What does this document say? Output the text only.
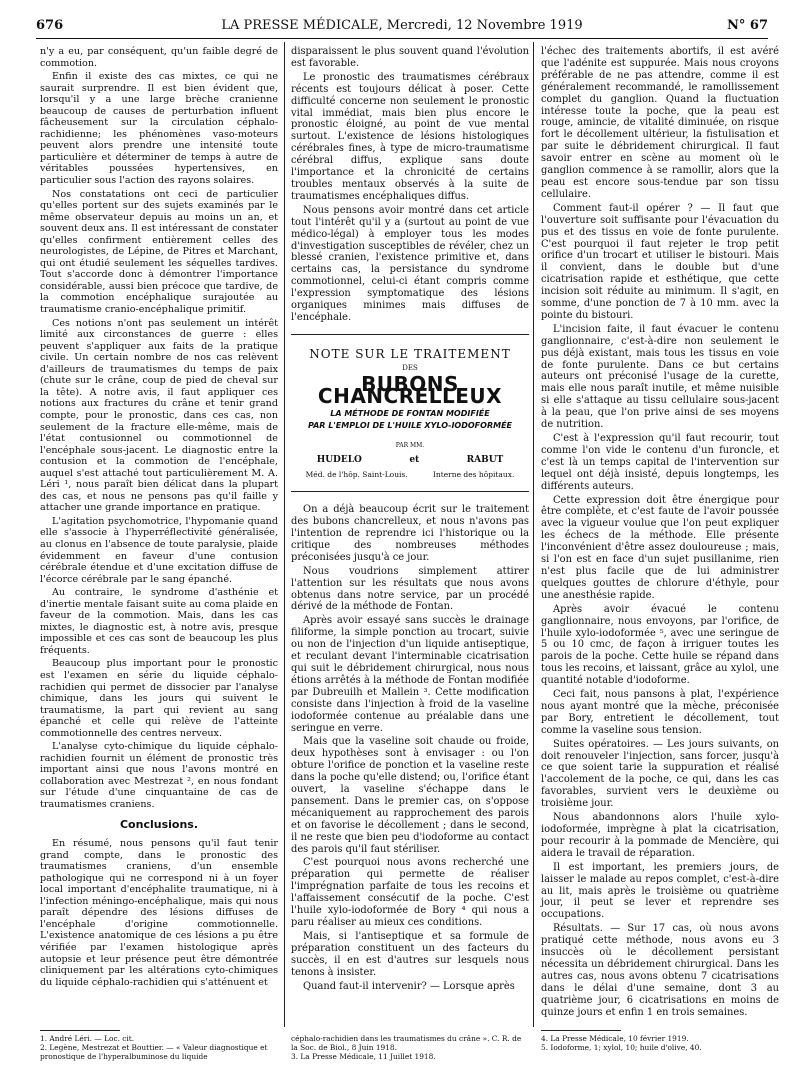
676	LA PRESSE MÉDICALE, Mercredi, 12 Novembre 1919	N° 67

n'y a eu, par conséquent, qu'un faible degré de commotion.

Enfin il existe des cas mixtes, ce qui ne saurait surprendre. Il est bien évident que, lorsqu'il y a une large brèche cranienne beaucoup de causes de perturbation influent fâcheusement sur la circulation céphalo-rachidienne; les phénomènes vaso-moteurs peuvent alors prendre une intensité toute particulière et déterminer de temps à autre de véritables poussées hypertensives, en particulier sous l'action des rayons solaires.

Nos constatations ont ceci de particulier qu'elles portent sur des sujets examinés par le même observateur depuis au moins un an, et souvent deux ans. Il est intéressant de constater qu'elles confirment entièrement celles des neurologistes, de Lépine, de Pitres et Marchant, qui ont étudié seulement les séquelles tardives. Tout s'accorde donc à démontrer l'importance considérable, aussi bien précoce que tardive, de la commotion encéphalique surajoutée au traumatisme cranio-encéphalique primitif.

Ces notions n'ont pas seulement un intérêt limité aux circonstances de guerre : elles peuvent s'appliquer aux faits de la pratique civile. Un certain nombre de nos cas relèvent d'ailleurs de traumatismes du temps de paix (chute sur le crâne, coup de pied de cheval sur la tête). A notre avis, il faut appliquer ces notions aux fractures du crâne et tenir grand compte, pour le pronostic, dans ces cas, non seulement de la fracture elle-même, mais de l'état contusionnel ou commotionnel de l'encéphale sous-jacent. Le diagnostic entre la contusion et la commotion de l'encéphale, auquel s'est attaché tout particulièrement M. A. Léri ¹, nous paraît bien délicat dans la plupart des cas, et nous ne pensons pas qu'il faille y attacher une grande importance en pratique.

L'agitation psychomotrice, l'hypomanie quand elle s'associe à l'hyperréflectivité généralisée, au clonus en l'absence de toute paralysie, plaide évidemment en faveur d'une contusion cérébrale étendue et d'une excitation diffuse de l'écorce cérébrale par le sang épanché.

Au contraire, le syndrome d'asthénie et d'inertie mentale faisant suite au coma plaide en faveur de la commotion. Mais, dans les cas mixtes, le diagnostic est, à notre avis, presque impossible et ces cas sont de beaucoup les plus fréquents.

Beaucoup plus important pour le pronostic est l'examen en série du liquide céphalo-rachidien qui permet de dissocier par l'analyse chimique, dans les jours qui suivent le traumatisme, la part qui revient au sang épanché et celle qui relève de l'atteinte commotionnelle des centres nerveux.

L'analyse cyto-chimique du liquide céphalo-rachidien fournit un élément de pronostic très important ainsi que nous l'avons montré en collaboration avec Mestrezat ², en nous fondant sur l'étude d'une cinquantaine de cas de traumatismes craniens.

Conclusions.

En résumé, nous pensons qu'il faut tenir grand compte, dans le pronostic des traumatismes craniens, d'un ensemble pathologique qui ne correspond ni à un foyer local important d'encéphalite traumatique, ni à l'infection méningo-encéphalique, mais qui nous paraît dépendre des lésions diffuses de l'encéphale d'origine commotionnelle. L'existence anatomique de ces lésions a pu être vérifiée par l'examen histologique après autopsie et leur présence peut être démontrée cliniquement par les altérations cyto-chimiques du liquide céphalo-rachidien qui s'atténuent et

disparaissent le plus souvent quand l'évolution est favorable.

Le pronostic des traumatismes cérébraux récents est toujours délicat à poser. Cette difficulté concerne non seulement le pronostic vital immédiat, mais bien plus encore le pronostic éloigné, au point de vue mental surtout. L'existence de lésions histologiques cérébrales fines, à type de micro-traumatisme cérébral diffus, explique sans doute l'importance et la chronicité de certains troubles mentaux observés à la suite de traumatismes encéphaliques diffus.

Nous pensons avoir montré dans cet article tout l'intérêt qu'il y a (surtout au point de vue médico-légal) à employer tous les modes d'investigation susceptibles de révéler, chez un blessé cranien, l'existence primitive et, dans certains cas, la persistance du syndrome commotionnel, celui-ci étant compris comme l'expression symptomatique des lésions organiques minimes mais diffuses de l'encéphale.

NOTE SUR LE TRAITEMENT
DES
BUBONS CHANCRELLEUX
LA MÉTHODE DE FONTAN MODIFIÉE
PAR L'EMPLOI DE L'HUILE XYLO-IODOFORMÉE
PAR MM.
HUDELO	et	RABUT
Méd. de l'hôp. Saint-Louis.	Interne des hôpitaux.

On a déjà beaucoup écrit sur le traitement des bubons chancrelleux, et nous n'avons pas l'intention de reprendre ici l'historique ou la critique des nombreuses méthodes préconisées jusqu'à ce jour.

Nous voudrions simplement attirer l'attention sur les résultats que nous avons obtenus dans notre service, par un procédé dérivé de la méthode de Fontan.

Après avoir essayé sans succès le drainage filiforme, la simple ponction au trocart, suivie ou non de l'injection d'un liquide antiseptique, et reculant devant l'interminable cicatrisation qui suit le débridement chirurgical, nous nous étions arrêtés à la méthode de Fontan modifiée par Dubreuilh et Mallein ³. Cette modification consiste dans l'injection à froid de la vaseline iodoformée contenue au préalable dans une seringue en verre.

Mais que la vaseline soit chaude ou froide, deux hypothèses sont à envisager : ou l'on obture l'orifice de ponction et la vaseline reste dans la poche qu'elle distend; ou, l'orifice étant ouvert, la vaseline s'échappe dans le pansement. Dans le premier cas, on s'oppose mécaniquement au rapprochement des parois et on favorise le décollement ; dans le second, il ne reste que bien peu d'iodoforme au contact des parois qu'il faut stériliser.

C'est pourquoi nous avons recherché une préparation qui permette de réaliser l'imprégnation parfaite de tous les recoins et l'affaissement consécutif de la poche. C'est l'huile xylo-iodoformée de Bory ⁴ qui nous a paru réaliser au mieux ces conditions.

Mais, si l'antiseptique et sa formule de préparation constituent un des facteurs du succès, il en est d'autres sur lesquels nous tenons à insister.

Quand faut-il intervenir? — Lorsque après

l'échec des traitements abortifs, il est avéré que l'adénite est suppurée. Mais nous croyons préférable de ne pas attendre, comme il est généralement recommandé, le ramollissement complet du ganglion. Quand la fluctuation intéresse toute la poche, que la peau est rouge, amincie, de vitalité diminuée, on risque fort le décollement ultérieur, la fistulisation et par suite le débridement chirurgical. Il faut savoir entrer en scène au moment où le ganglion commence à se ramollir, alors que la peau est encore sous-tendue par son tissu cellulaire.

Comment faut-il opérer ? — Il faut que l'ouverture soit suffisante pour l'évacuation du pus et des tissus en voie de fonte purulente. C'est pourquoi il faut rejeter le trop petit orifice d'un trocart et utiliser le bistouri. Mais il convient, dans le double but d'une cicatrisation rapide et esthétique, que cette incision soit réduite au minimum. Il s'agit, en somme, d'une ponction de 7 à 10 mm. avec la pointe du bistouri.

L'incision faite, il faut évacuer le contenu ganglionnaire, c'est-à-dire non seulement le pus déjà existant, mais tous les tissus en voie de fonte purulente. Dans ce but certains auteurs ont préconisé l'usage de la curette, mais elle nous paraît inutile, et même nuisible si elle s'attaque au tissu cellulaire sous-jacent à la peau, que l'on prive ainsi de ses moyens de nutrition.

C'est à l'expression qu'il faut recourir, tout comme l'on vide le contenu d'un furoncle, et c'est là un temps capital de l'intervention sur lequel ont déjà insisté, depuis longtemps, les différents auteurs.

Cette expression doit être énergique pour être complète, et c'est faute de l'avoir poussée avec la vigueur voulue que l'on peut expliquer les échecs de la méthode. Elle présente l'inconvénient d'être assez douloureuse ; mais, si l'on est en face d'un sujet pusillanime, rien n'est plus facile que de lui administrer quelques gouttes de chlorure d'éthyle, pour une anesthésie rapide.

Après avoir évacué le contenu ganglionnaire, nous envoyons, par l'orifice, de l'huile xylo-iodoformée ⁵, avec une seringue de 5 ou 10 cmc, de façon à irriguer toutes les parois de la poche. Cette huile se répand dans tous les recoins, et laissant, grâce au xylol, une quantité notable d'iodoforme.

Ceci fait, nous pansons à plat, l'expérience nous ayant montré que la mèche, préconisée par Bory, entretient le décollement, tout comme la vaseline sous tension.

Suites opératoires. — Les jours suivants, on doit renouveler l'injection, sans forcer, jusqu'à ce que soient tarie la suppuration et réalisé l'accolement de la poche, ce qui, dans les cas favorables, survient vers le deuxième ou troisième jour.

Nous abandonnons alors l'huile xylo-iodoformée, imprègne à plat la cicatrisation, pour recourir à la pommade de Mencière, qui aidera le travail de réparation.

Il est important, les premiers jours, de laisser le malade au repos complet, c'est-à-dire au lit, mais après le troisième ou quatrième jour, il peut se lever et reprendre ses occupations.

Résultats. — Sur 17 cas, où nous avons pratiqué cette méthode, nous avons eu 3 insuccès où le décollement persistant nécessita un débridement chirurgical. Dans les autres cas, nous avons obtenu 7 cicatrisations dans le délai d'une semaine, dont 3 au quatrième jour, 6 cicatrisations en moins de quinze jours et enfin 1 en trois semaines.

1. André Léri. — Loc. cit.
2. Legène, Mestrezat et Bouttier. — « Valeur diagnostique et pronostique de l'hyperalbuminose du liquide
céphalo-rachidien dans les traumatismes du crâne ». C. R. de la Soc. de Biol., 8 Juin 1918.
3. La Presse Médicale, 11 Juillet 1918.
4. La Presse Médicale, 10 février 1919.
5. Iodoforme, 1; xylol, 10; huile d'olive, 40.
